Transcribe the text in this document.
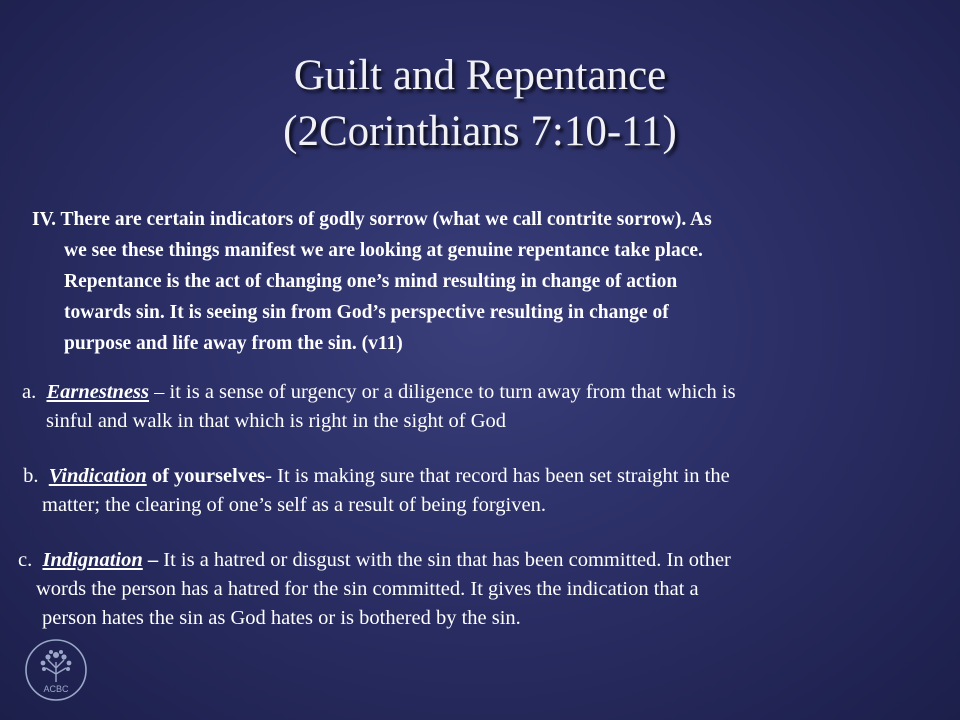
Guilt and Repentance
(2Corinthians 7:10-11)
IV. There are certain indicators of godly sorrow (what we call contrite sorrow). As
we see these things manifest we are looking at genuine repentance take place.
Repentance is the act of changing one’s mind resulting in change of action
towards sin. It is seeing sin from God’s perspective resulting in change of
purpose and life away from the sin. (v11)
a. Earnestness – it is a sense of urgency or a diligence to turn away from that which is
sinful and walk in that which is right in the sight of God
b. Vindication of yourselves- It is making sure that record has been set straight in the
matter; the clearing of one’s self as a result of being forgiven.
c. Indignation – It is a hatred or disgust with the sin that has been committed. In other
words the person has a hatred for the sin committed. It gives the indication that a
person hates the sin as God hates or is bothered by the sin.
ACBC
